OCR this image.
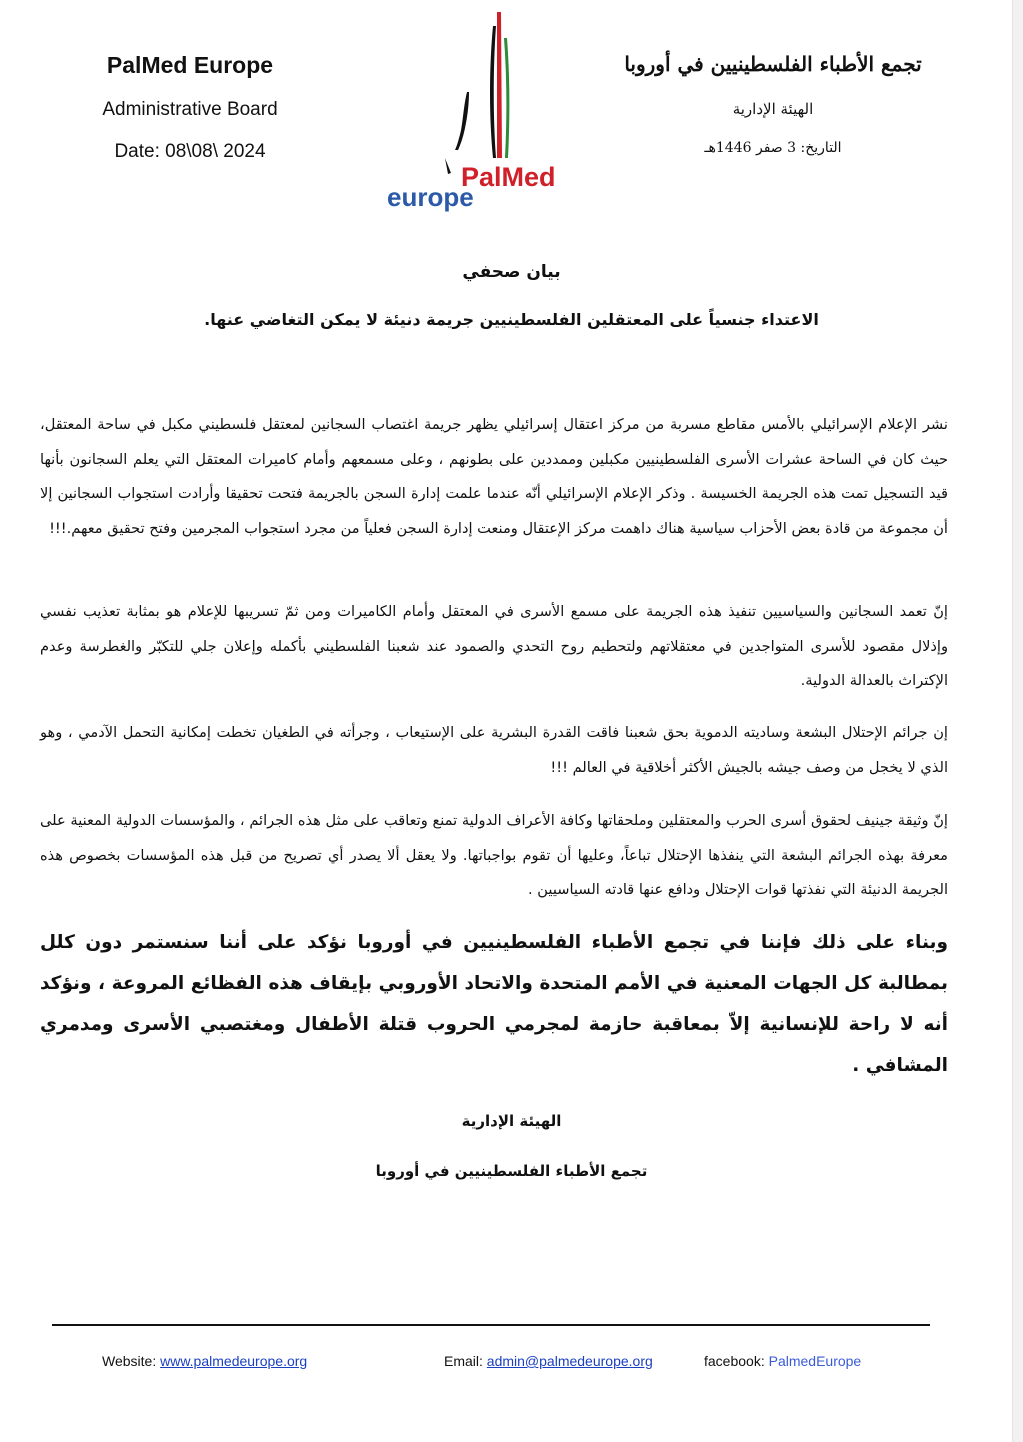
PalMed Europe
Administrative Board
Date: 08\08\ 2024
PalMed
europe
تجمع الأطباء الفلسطينيين في أوروبا
الهيئة الإدارية
التاريخ: 3 صفر 1446هـ
بيان صحفي
الاعتداء جنسياً على المعتقلين الفلسطينيين جريمة دنيئة لا يمكن التغاضي عنها.
نشر الإعلام الإسرائيلي بالأمس مقاطع مسربة من مركز اعتقال إسرائيلي يظهر جريمة اغتصاب السجانين لمعتقل فلسطيني مكبل في ساحة المعتقل، حيث كان في الساحة عشرات الأسرى الفلسطينيين مكبلين وممددين على بطونهم ، وعلى مسمعهم وأمام كاميرات المعتقل التي يعلم السجانون بأنها قيد التسجيل تمت هذه الجريمة الخسيسة . وذكر الإعلام الإسرائيلي أنّه عندما علمت إدارة السجن بالجريمة فتحت تحقيقا وأرادت استجواب السجانين إلا أن مجموعة من قادة بعض الأحزاب سياسية هناك داهمت مركز الإعتقال ومنعت إدارة السجن فعلياً من مجرد استجواب المجرمين وفتح تحقيق معهم.!!!
إنّ تعمد السجانين والسياسيين تنفيذ هذه الجريمة على مسمع الأسرى في المعتقل وأمام الكاميرات ومن ثمّ تسريبها للإعلام هو بمثابة تعذيب نفسي وإذلال مقصود للأسرى المتواجدين في معتقلاتهم ولتحطيم روح التحدي والصمود عند شعبنا الفلسطيني بأكمله وإعلان جلي للتكبّر والغطرسة وعدم الإكتراث بالعدالة الدولية.
إن جرائم الإحتلال البشعة وساديته الدموية بحق شعبنا فاقت القدرة البشرية على الإستيعاب ، وجرأته في الطغيان تخطت إمكانية التحمل الآدمي ، وهو الذي لا يخجل من وصف جيشه بالجيش الأكثر أخلاقية في العالم !!!
إنّ وثيقة جينيف لحقوق أسرى الحرب والمعتقلين وملحقاتها وكافة الأعراف الدولية تمنع وتعاقب على مثل هذه الجرائم ، والمؤسسات الدولية المعنية على معرفة بهذه الجرائم البشعة التي ينفذها الإحتلال تباعاً، وعليها أن تقوم بواجباتها. ولا يعقل ألا يصدر أي تصريح من قبل هذه المؤسسات بخصوص هذه الجريمة الدنيئة التي نفذتها قوات الإحتلال ودافع عنها قادته السياسيين .
وبناء على ذلك فإننا في تجمع الأطباء الفلسطينيين في أوروبا نؤكد على أننا سنستمر دون كلل بمطالبة كل الجهات المعنية في الأمم المتحدة والاتحاد الأوروبي بإيقاف هذه الفظائع المروعة ، ونؤكد أنه لا راحة للإنسانية إلاّ بمعاقبة حازمة لمجرمي الحروب قتلة الأطفال ومغتصبي الأسرى ومدمري المشافي .
الهيئة الإدارية
تجمع الأطباء الفلسطينيين في أوروبا
Website: www.palmedeurope.org	Email: admin@palmedeurope.org	facebook: PalmedEurope
